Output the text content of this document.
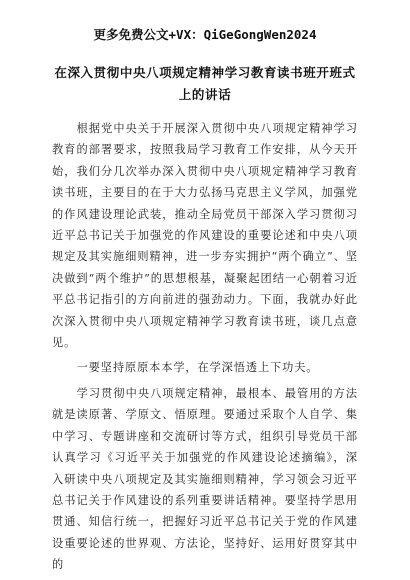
更多免费公文+VX：QiGeGongWen2024
在深入贯彻中央八项规定精神学习教育读书班开班式上的讲话

根据党中央关于开展深入贯彻中央八项规定精神学习教育的部署要求，按照我局学习教育工作安排，从今天开始，我们分几次举办深入贯彻中央八项规定精神学习教育读书班，主要目的在于大力弘扬马克思主义学风，加强党的作风建设理论武装，推动全局党员干部深入学习贯彻习近平总书记关于加强党的作风建设的重要论述和中央八项规定及其实施细则精神，进一步夯实拥护“两个确立”、坚决做到“两个维护”的思想根基，凝聚起团结一心朝着习近平总书记指引的方向前进的强劲动力。下面，我就办好此次深入贯彻中央八项规定精神学习教育读书班，谈几点意见。

一要坚持原原本本学，在学深悟透上下功夫。

学习贯彻中央八项规定精神，最根本、最管用的方法就是读原著、学原文、悟原理。要通过采取个人自学、集中学习、专题讲座和交流研讨等方式，组织引导党员干部认真学习《习近平关于加强党的作风建设论述摘编》，深入研读中央八项规定及其实施细则精神，学习领会习近平总书记关于作风建设的系列重要讲话精神。要坚持学思用贯通、知信行统一，把握好习近平总书记关于党的作风建设重要论述的世界观、方法论，坚持好、运用好贯穿其中的
